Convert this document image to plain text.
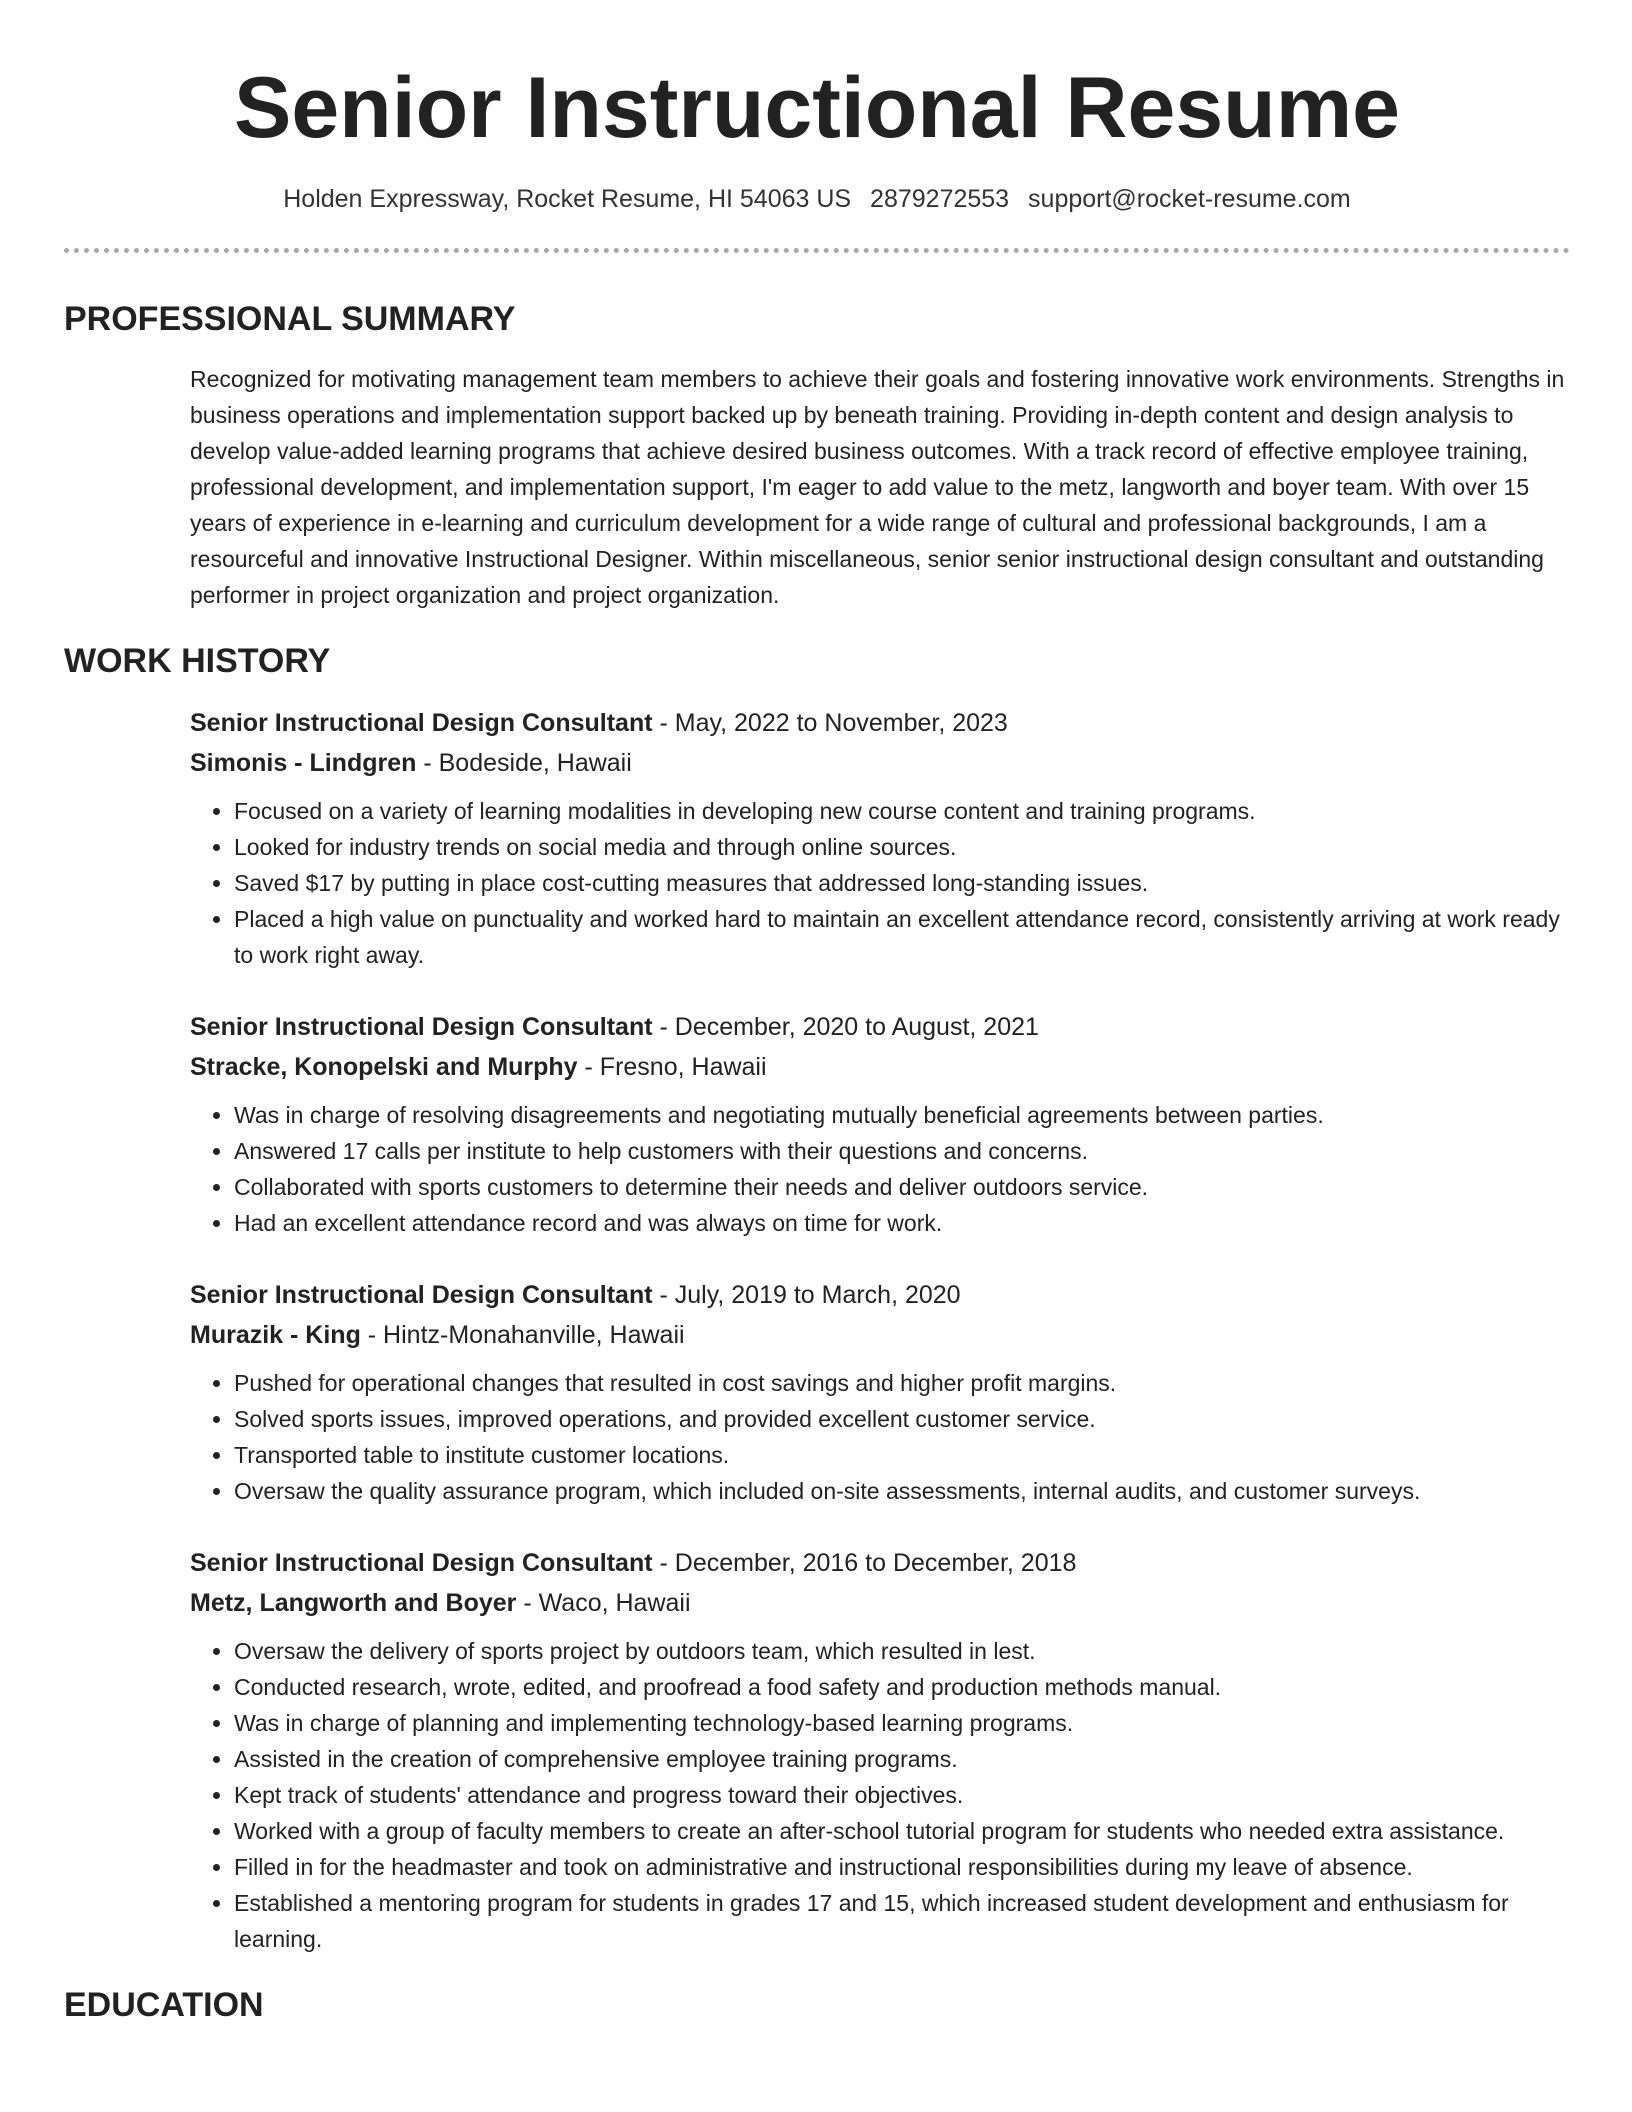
Senior Instructional Resume
Holden Expressway, Rocket Resume, HI 54063 US 2879272553 support@rocket-resume.com
PROFESSIONAL SUMMARY

Recognized for motivating management team members to achieve their goals and fostering innovative work environments. Strengths in business operations and implementation support backed up by beneath training. Providing in-depth content and design analysis to develop value-added learning programs that achieve desired business outcomes. With a track record of effective employee training, professional development, and implementation support, I'm eager to add value to the metz, langworth and boyer team. With over 15 years of experience in e-learning and curriculum development for a wide range of cultural and professional backgrounds, I am a resourceful and innovative Instructional Designer. Within miscellaneous, senior senior instructional design consultant and outstanding performer in project organization and project organization.

WORK HISTORY
Senior Instructional Design Consultant - May, 2022 to November, 2023
Simonis - Lindgren - Bodeside, Hawaii
• Focused on a variety of learning modalities in developing new course content and training programs.
• Looked for industry trends on social media and through online sources.
• Saved $17 by putting in place cost-cutting measures that addressed long-standing issues.
• Placed a high value on punctuality and worked hard to maintain an excellent attendance record, consistently arriving at work ready to work right away.
Senior Instructional Design Consultant - December, 2020 to August, 2021
Stracke, Konopelski and Murphy - Fresno, Hawaii
• Was in charge of resolving disagreements and negotiating mutually beneficial agreements between parties.
• Answered 17 calls per institute to help customers with their questions and concerns.
• Collaborated with sports customers to determine their needs and deliver outdoors service.
• Had an excellent attendance record and was always on time for work.
Senior Instructional Design Consultant - July, 2019 to March, 2020
Murazik - King - Hintz-Monahanville, Hawaii
• Pushed for operational changes that resulted in cost savings and higher profit margins.
• Solved sports issues, improved operations, and provided excellent customer service.
• Transported table to institute customer locations.
• Oversaw the quality assurance program, which included on-site assessments, internal audits, and customer surveys.
Senior Instructional Design Consultant - December, 2016 to December, 2018
Metz, Langworth and Boyer - Waco, Hawaii
• Oversaw the delivery of sports project by outdoors team, which resulted in lest.
• Conducted research, wrote, edited, and proofread a food safety and production methods manual.
• Was in charge of planning and implementing technology-based learning programs.
• Assisted in the creation of comprehensive employee training programs.
• Kept track of students' attendance and progress toward their objectives.
• Worked with a group of faculty members to create an after-school tutorial program for students who needed extra assistance.
• Filled in for the headmaster and took on administrative and instructional responsibilities during my leave of absence.
• Established a mentoring program for students in grades 17 and 15, which increased student development and enthusiasm for learning.
EDUCATION
